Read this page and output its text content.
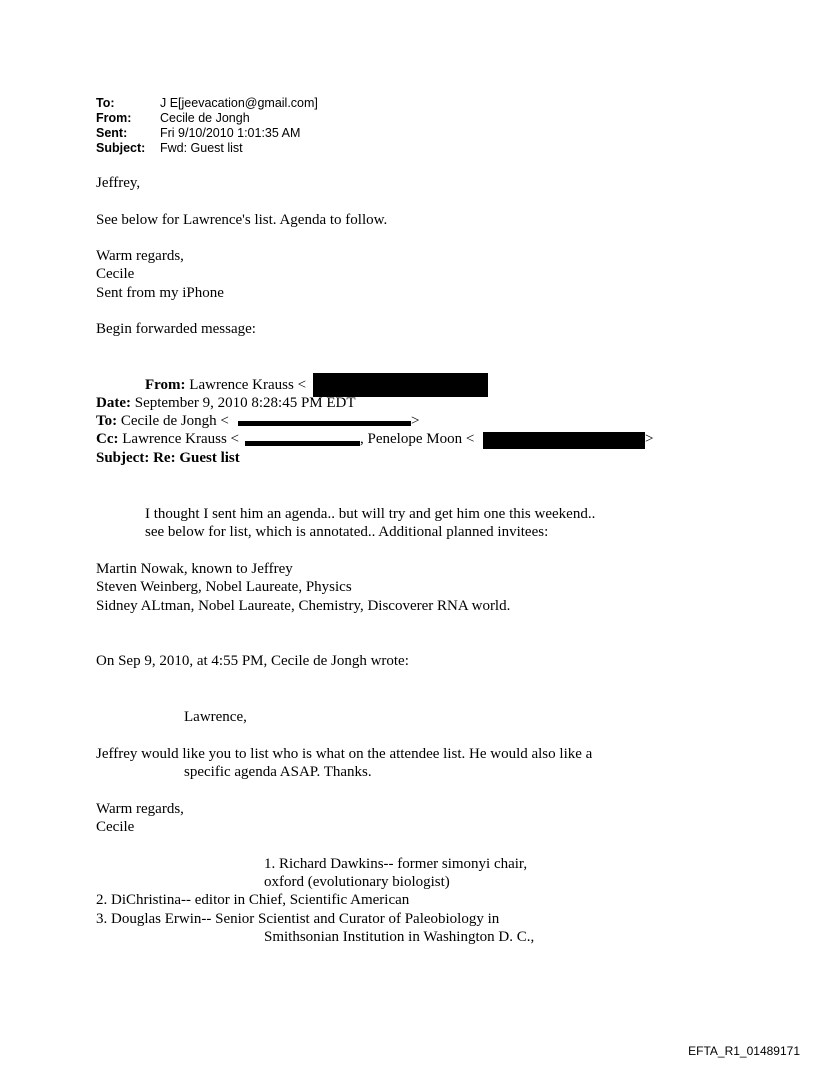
To:	J E[jeevacation@gmail.com]
From: Cecile de Jongh
Sent:	Fri 9/10/2010 1:01:35 AM
Subject: Fwd: Guest list
Jeffrey,
See below for Lawrence's list. Agenda to follow.
Warm regards,
Cecile
Sent from my iPhone
Begin forwarded message:
From: Lawrence Krauss <
Date: September 9, 2010 8:28:45 PM EDT
To: Cecile de Jongh <	>
Cc: Lawrence Krauss <	, Penelope Moon <	>
Subject: Re: Guest list
I thought I sent him an agenda.. but will try and get him one this weekend..
see below for list, which is annotated.. Additional planned invitees:
Martin Nowak, known to Jeffrey
Steven Weinberg, Nobel Laureate, Physics
Sidney ALtman, Nobel Laureate, Chemistry, Discoverer RNA world.
On Sep 9, 2010, at 4:55 PM, Cecile de Jongh wrote:
Lawrence,
Jeffrey would like you to list who is what on the attendee list. He would also like a
specific agenda ASAP. Thanks.
Warm regards,
Cecile
1. Richard Dawkins-- former simonyi chair,
oxford (evolutionary biologist)
2. DiChristina-- editor in Chief, Scientific American
3. Douglas Erwin-- Senior Scientist and Curator of Paleobiology in
Smithsonian Institution in Washington D. C.,
EFTA_R1_01489171
